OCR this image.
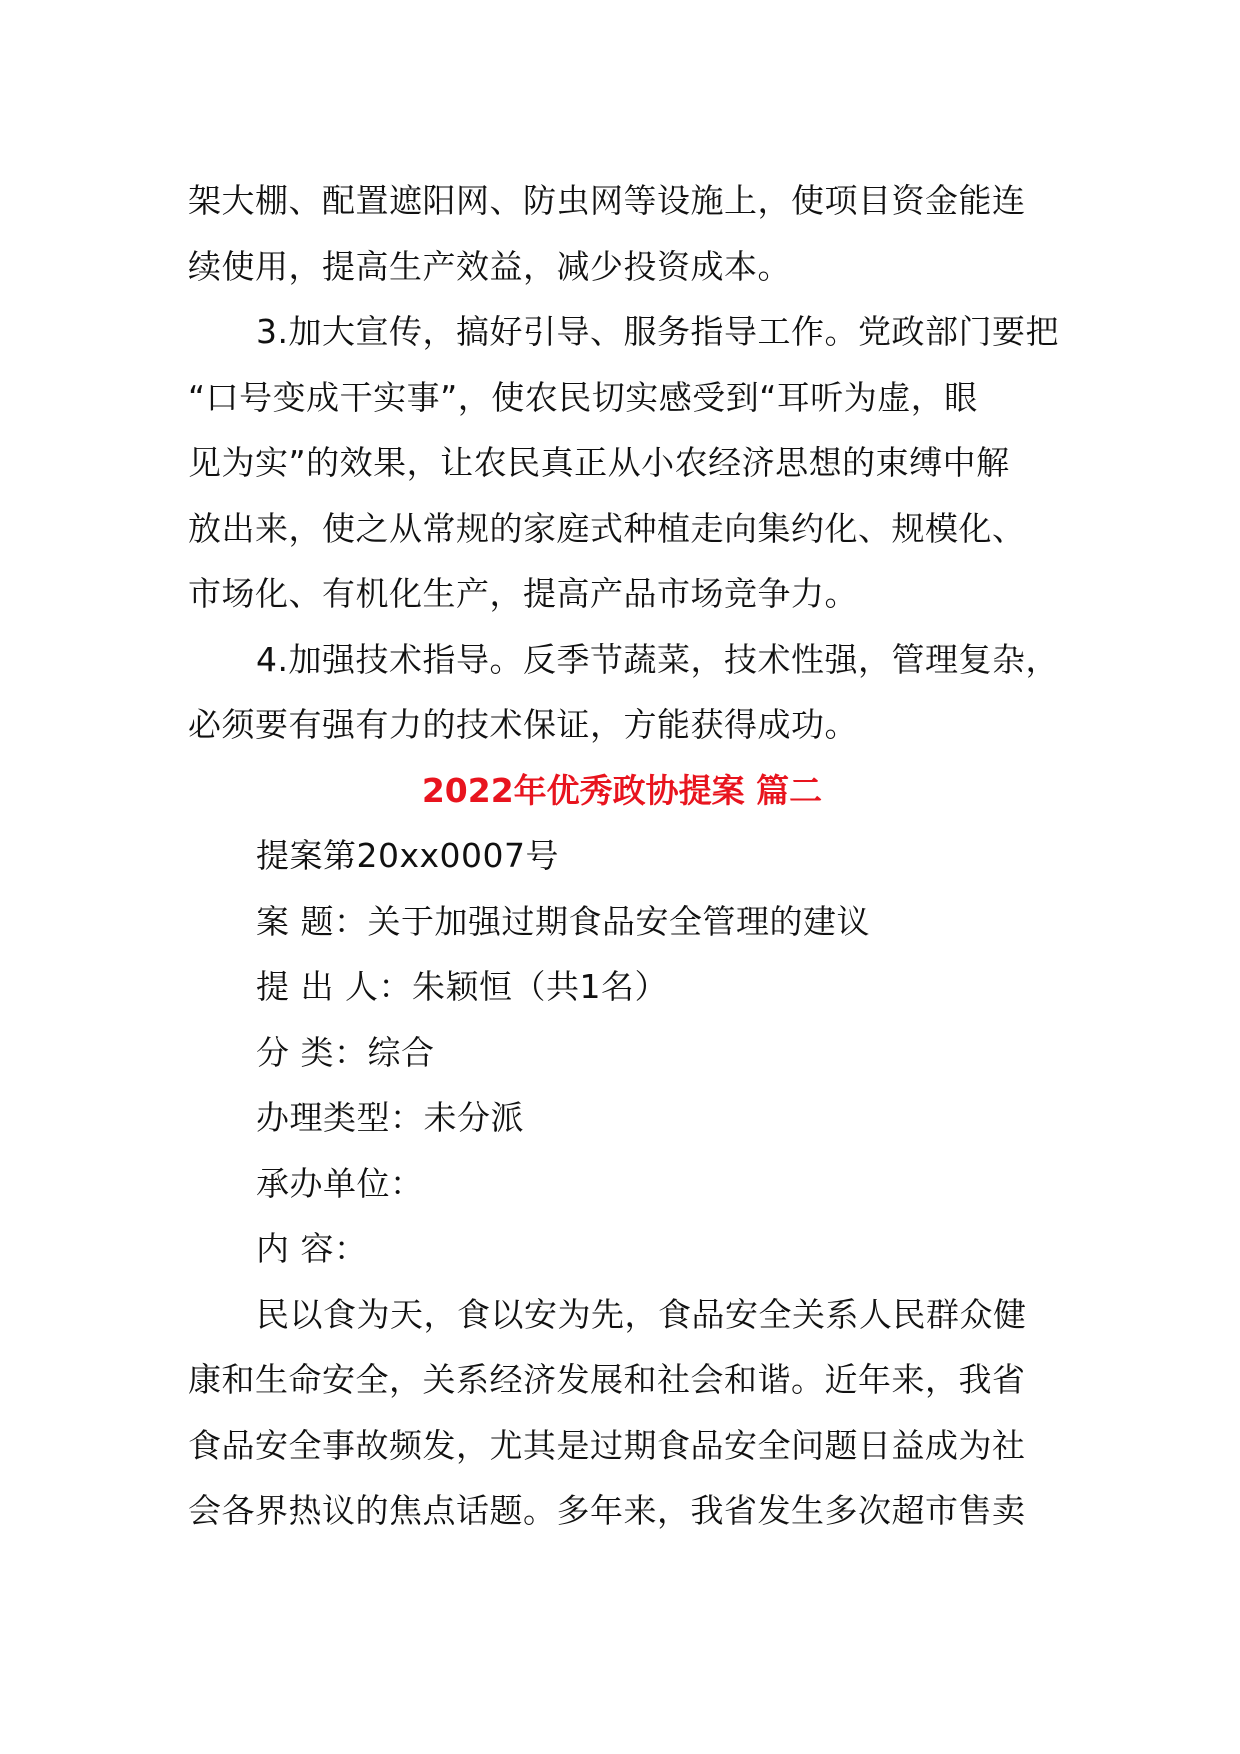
架大棚、配置遮阳网、防虫网等设施上，使项目资金能连
续使用，提高生产效益，减少投资成本。
3.加大宣传，搞好引导、服务指导工作。党政部门要把
“口号变成干实事”，使农民切实感受到“耳听为虚，眼
见为实”的效果，让农民真正从小农经济思想的束缚中解
放出来，使之从常规的家庭式种植走向集约化、规模化、
市场化、有机化生产，提高产品市场竞争力。
4.加强技术指导。反季节蔬菜，技术性强，管理复杂，
必须要有强有力的技术保证，方能获得成功。
2022年优秀政协提案 篇二
提案第20xx0007号
案 题：关于加强过期食品安全管理的建议
提 出 人：朱颖恒（共1名）
分 类：综合
办理类型：未分派
承办单位：
内 容：
民以食为天，食以安为先，食品安全关系人民群众健
康和生命安全，关系经济发展和社会和谐。近年来，我省
食品安全事故频发，尤其是过期食品安全问题日益成为社
会各界热议的焦点话题。多年来，我省发生多次超市售卖
